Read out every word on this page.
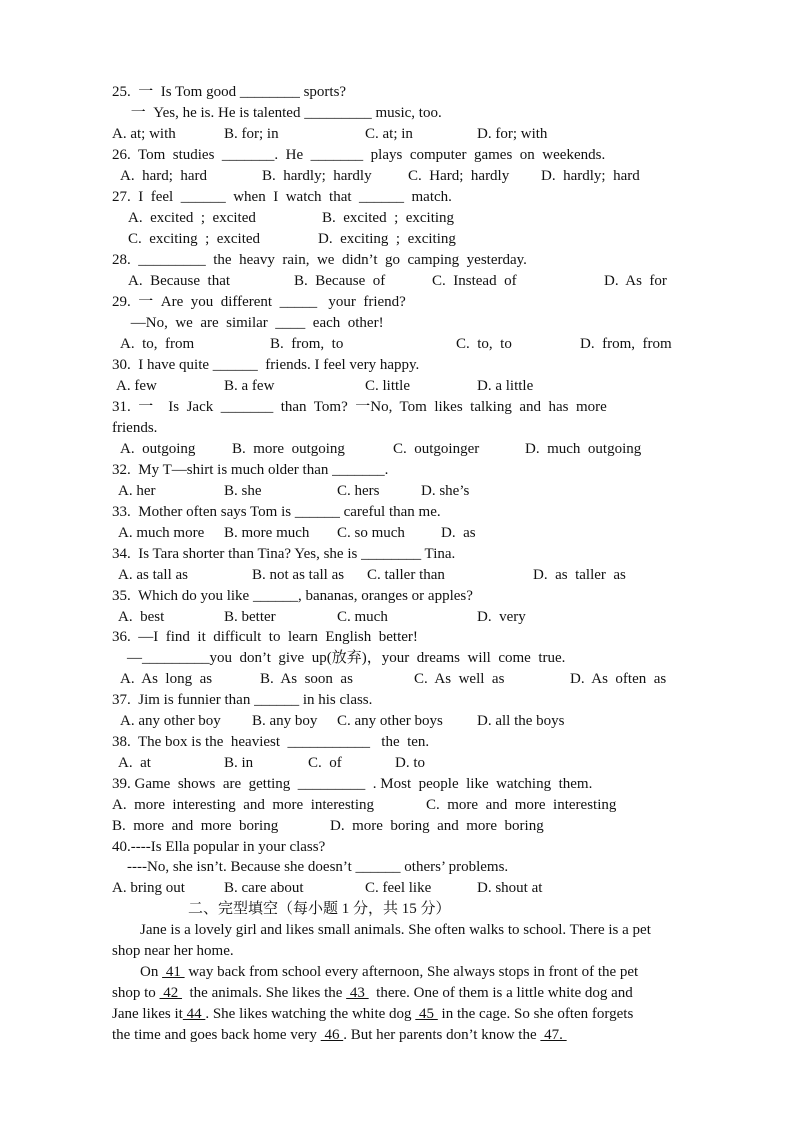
25.  一  Is Tom good ________ sports?
一  Yes, he is. He is talented _________ music, too.
A. at; with	B. for; in	C. at; in	D. for; with
26.  Tom  studies  _______.  He  _______  plays  computer  games  on  weekends.
A.  hard;  hard	B.  hardly;  hardly C.  Hard;  hardly D.  hardly;  hard
27.  I  feel  ______  when  I  watch  that  ______  match.
A.  excited  ;  excited	B.  excited  ;  exciting
C.  exciting  ;  excited	D.  exciting  ;  exciting
28.  _________  the  heavy  rain,  we  didn’t  go  camping  yesterday.
A.  Because  that	B.  Because  of	C.  Instead  of	D.  As  for
29.  一  Are  you  different  _____   your  friend?
—No,  we  are  similar  ____  each  other!
A.  to,  from	B.  from,  to	C.  to,  to	D.  from,  from
30.  I have quite ______  friends. I feel very happy.
A. few	B. a few	C. little	D. a little
31.  一    Is  Jack  _______  than  Tom?  一No,  Tom  likes  talking  and  has  more
friends.
A.  outgoing B.  more  outgoing	C.  outgoinger	D.  much  outgoing
32.  My T—shirt is much older than _______.
A. her	B. she	C. hers	D. she’s
33.  Mother often says Tom is ______ careful than me.
A. much more B. more much C. so much D.  as
34.  Is Tara shorter than Tina? Yes, she is ________ Tina.
A. as tall as	B. not as tall as C. taller than	D.  as  taller  as
35.  Which do you like ______, bananas, oranges or apples?
A.  best	B. better	C. much	D.  very
36.  —I  find  it  difficult  to  learn  English  better!
—_________you  don’t  give  up(放弃)，your  dreams  will  come  true.
A.  As  long  as	B.  As  soon  as	C.  As  well  as	D.  As  often  as
37.  Jim is funnier than ______ in his class.
A. any other boy B. any boy C. any other boys D. all the boys
38.  The box is the  heaviest  ___________   the  ten.
A.  at	B. in	C.  of	D. to
39. Game  shows  are  getting  _________  . Most  people  like  watching  them.
A.  more  interesting  and  more  interesting	C.  more  and  more  interesting
B.  more  and  more  boring	D.  more  boring  and  more  boring
40.----Is Ella popular in your class?
----No, she isn’t. Because she doesn’t ______ others’ problems.
A. bring out	B. care about	C. feel like	D. shout at
二、完型填空（每小题 1 分，共 15 分）
Jane is a lovely girl and likes small animals. She often walks to school. There is a pet
shop near her home.
On  41  way back from school every afternoon, She always stops in front of the pet
shop to  42   the animals. She likes the  43   there. One of them is a little white dog and
Jane likes it 44 . She likes watching the white dog  45  in the cage. So she often forgets
the time and goes back home very  46 . But her parents don’t know the  47.
